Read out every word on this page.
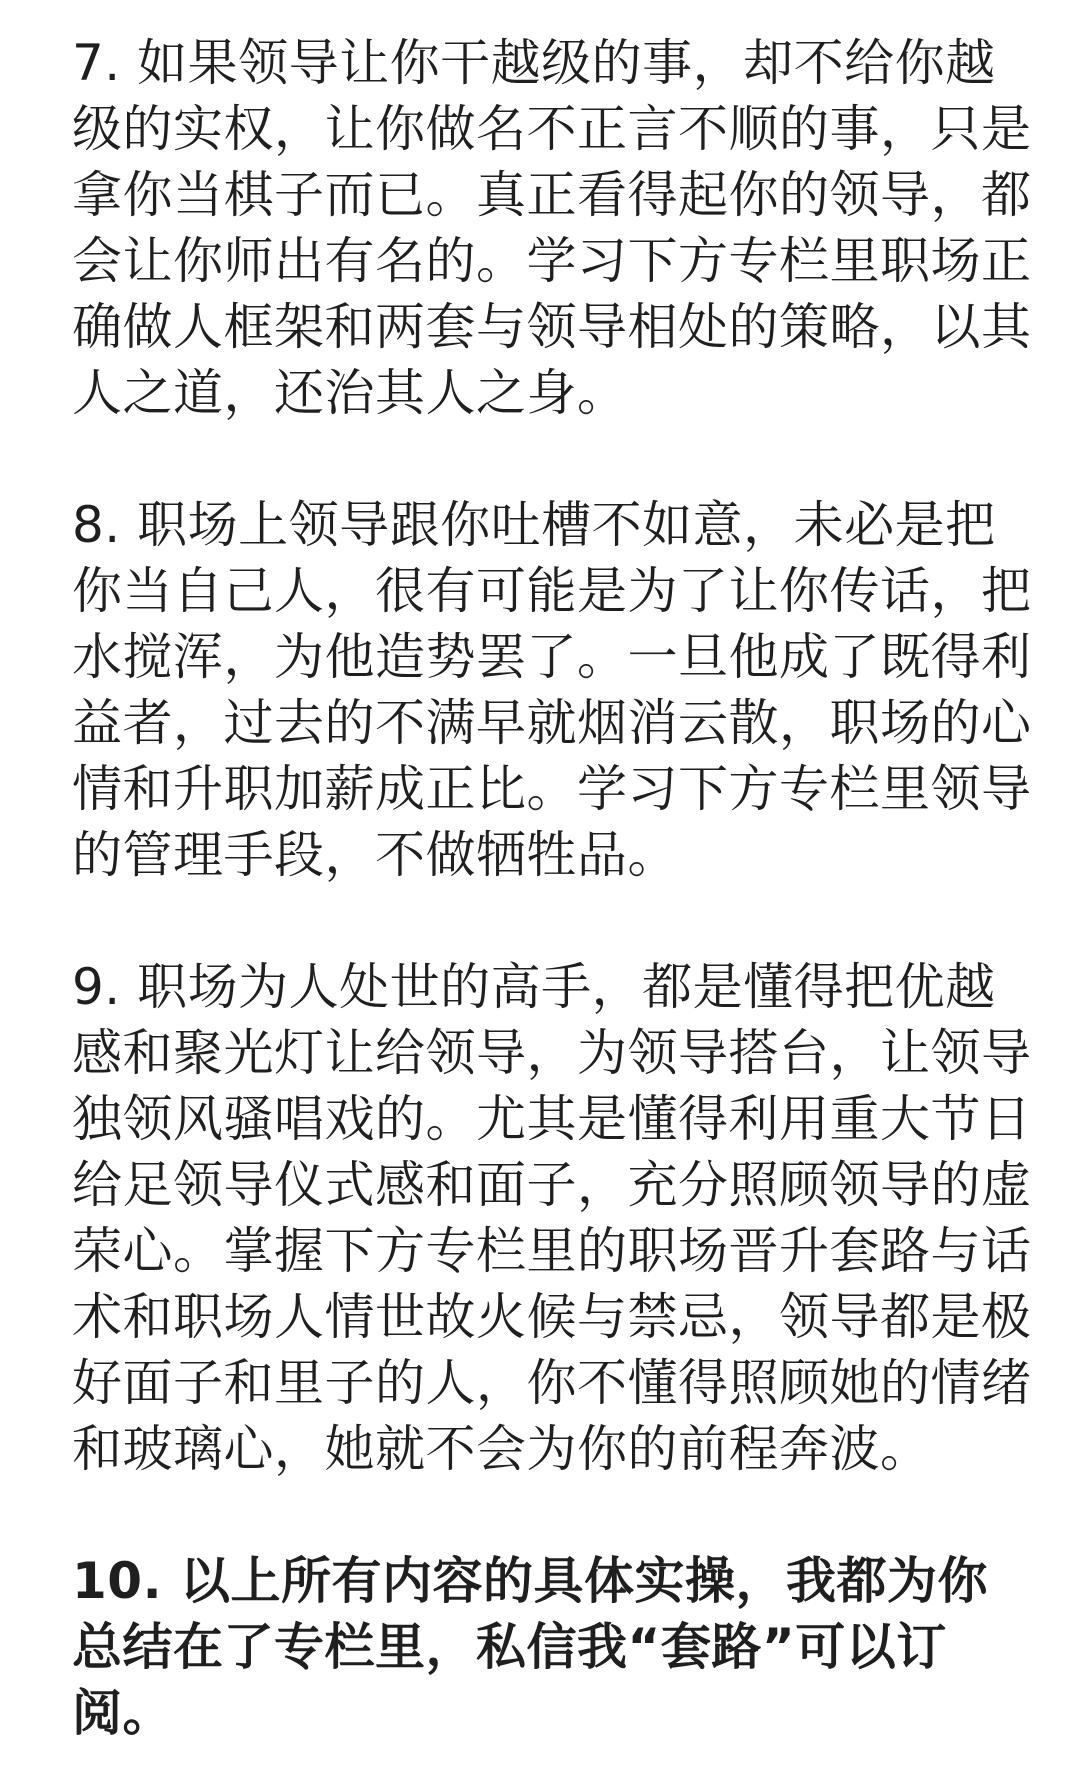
7. 如果领导让你干越级的事，却不给你越级的实权，让你做名不正言不顺的事，只是拿你当棋子而已。真正看得起你的领导，都会让你师出有名的。学习下方专栏里职场正确做人框架和两套与领导相处的策略，以其人之道，还治其人之身。

8. 职场上领导跟你吐槽不如意，未必是把你当自己人，很有可能是为了让你传话，把水搅浑，为他造势罢了。一旦他成了既得利益者，过去的不满早就烟消云散，职场的心情和升职加薪成正比。学习下方专栏里领导的管理手段，不做牺牲品。

9. 职场为人处世的高手，都是懂得把优越感和聚光灯让给领导，为领导搭台，让领导独领风骚唱戏的。尤其是懂得利用重大节日给足领导仪式感和面子，充分照顾领导的虚荣心。掌握下方专栏里的职场晋升套路与话术和职场人情世故火候与禁忌，领导都是极好面子和里子的人，你不懂得照顾她的情绪和玻璃心，她就不会为你的前程奔波。

10. 以上所有内容的具体实操，我都为你总结在了专栏里，私信我“套路”可以订阅。
